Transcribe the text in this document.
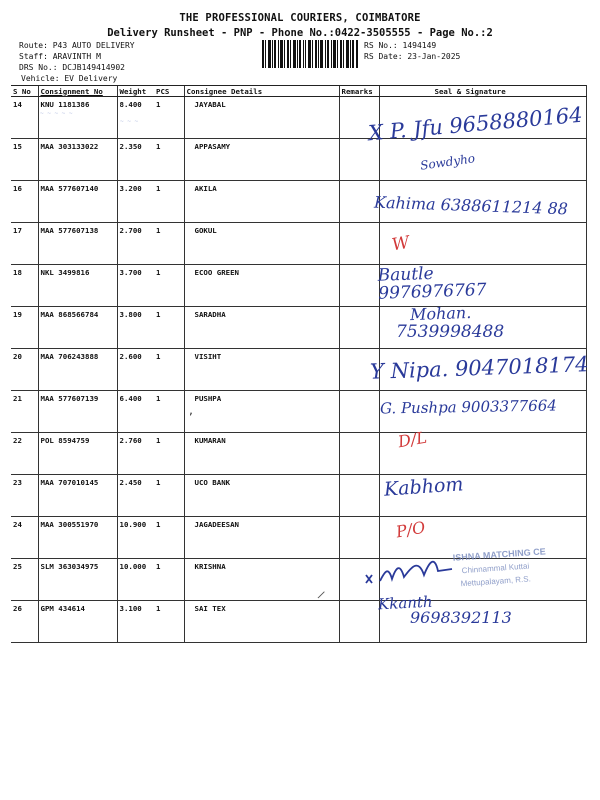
THE PROFESSIONAL COURIERS, COIMBATORE
Delivery Runsheet - PNP - Phone No.:0422-3505555 - Page No.:2
Route: P43 AUTO DELIVERY
Staff: ARAVINTH M
DRS No.: DCJB149414902
Vehicle: EV Delivery
RS No.: 1494149
RS Date: 23-Jan-2025
S No	Consignment No	Weight	PCS	Consignee Details	Remarks	Seal & Signature
14	KNU 1181386	8.400	1	JAYABAL		
15	MAA 303133022	2.350	1	APPASAMY		
16	MAA 577607140	3.200	1	AKILA		
17	MAA 577607138	2.700	1	GOKUL		
18	NKL 3499816	3.700	1	ECOO GREEN		
19	MAA 868566784	3.800	1	SARADHA		
20	MAA 706243888	2.600	1	VISIHT		
21	MAA 577607139	6.400	1	PUSHPA		
22	POL 8594759	2.760	1	KUMARAN		
23	MAA 707010145	2.450	1	UCO BANK		
24	MAA 300551970	10.900	1	JAGADEESAN		
25	SLM 363034975	10.000	1	KRISHNA		
26	GPM 434614	3.100	1	SAI TEX		
~ ~ ~ ~ ~
~ ~ ~	X P. Jfu 9658880164
Sowdyho
Kahima 6388611214 88
W
Bautle 9976976767
Mohan.
7539998488
Y Nipa. 9047018174
G. Pushpa 9003377664
D/L
Kabhom
P/O
ISHNA MATCHING CE
Chinnammal Kuttai
Mettupalayam, R.S.
Kkanth
9698392113
,
/
